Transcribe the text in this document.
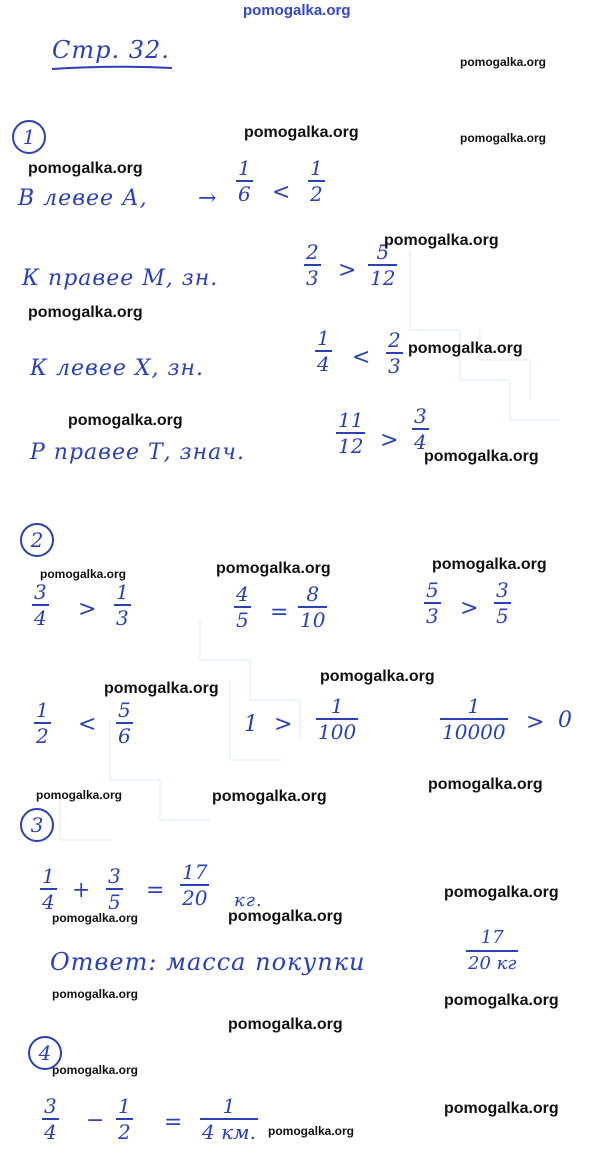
pomogalka.org
Стр. 32.
1
В левее А, →
1
6 <
1
2
К правее М, зн.
2
3 >
5
12
К левее Х, зн.
1
4 <
2
3
Р правее Т, знач.
11
12 >
3
4
2
3
4 >
1
3
4
5 =
8
10
5
3 >
3
5
1
2 <
5
6	1 >
1
100
1
10000 > 0
3
1
4 +
3
5 =
17
20 кг.
Ответ: масса покупки
17
20 кг
4
3
4 −
1
2 =
1
4 км.
pomogalka.org
pomogalka.org	pomogalka.org
pomogalka.org
pomogalka.org
pomogalka.org
pomogalka.org
pomogalka.org
pomogalka.org
pomogalka.org	pomogalka.org	pomogalka.org
pomogalka.org
pomogalka.org
pomogalka.org	pomogalka.org
pomogalka.org
pomogalka.org
pomogalka.org	pomogalka.org
pomogalka.org	pomogalka.org
pomogalka.org
pomogalka.org
pomogalka.org
pomogalka.org
